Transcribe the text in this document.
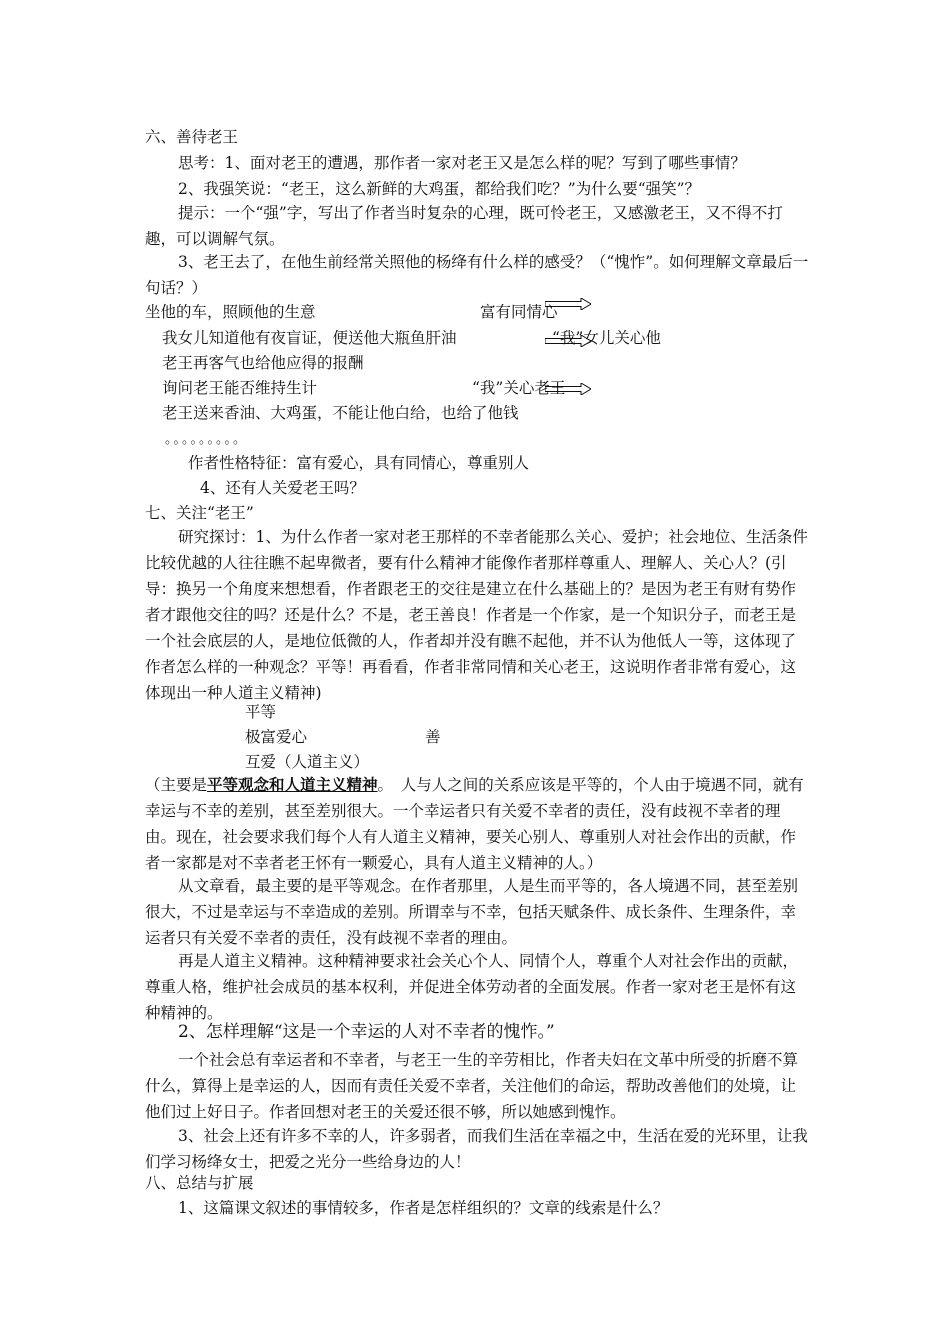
六、善待老王
思考：1、面对老王的遭遇，那作者一家对老王又是怎么样的呢？写到了哪些事情？
2、我强笑说：“老王，这么新鲜的大鸡蛋，都给我们吃？”为什么要“强笑”？
提示：一个“强”字，写出了作者当时复杂的心理，既可怜老王，又感激老王，又不得不打趣，可以调解气氛。
3、老王去了，在他生前经常关照他的杨绛有什么样的感受？（“愧怍”。如何理解文章最后一句话？）
坐他的车，照顾他的生意	富有同情心
我女儿知道他有夜盲证，便送他大瓶鱼肝油	“我”女儿关心他
老王再客气也给他应得的报酬
询问老王能否维持生计	“我”关心老王
老王送来香油、大鸡蛋，不能让他白给，也给了他钱
。。。。。。。。。
作者性格特征：富有爱心，具有同情心，尊重别人
4、还有人关爱老王吗？
七、关注“老王”
研究探讨：1、为什么作者一家对老王那样的不幸者能那么关心、爱护；社会地位、生活条件比较优越的人往往瞧不起卑微者，要有什么精神才能像作者那样尊重人、理解人、关心人？(引导：换另一个角度来想想看，作者跟老王的交往是建立在什么基础上的？是因为老王有财有势作者才跟他交往的吗？还是什么？不是，老王善良！作者是一个作家，是一个知识分子，而老王是一个社会底层的人，是地位低微的人，作者却并没有瞧不起他，并不认为他低人一等，这体现了作者怎么样的一种观念？平等！再看看，作者非常同情和关心老王，这说明作者非常有爱心，这体现出一种人道主义精神)
平等
极富爱心	善
互爱（人道主义）
（主要是平等观念和人道主义精神。　人与人之间的关系应该是平等的，个人由于境遇不同，就有幸运与不幸的差别，甚至差别很大。一个幸运者只有关爱不幸者的责任，没有歧视不幸者的理由。现在，社会要求我们每个人有人道主义精神，要关心别人、尊重别人对社会作出的贡献，作者一家都是对不幸者老王怀有一颗爱心，具有人道主义精神的人。）
从文章看，最主要的是平等观念。在作者那里，人是生而平等的，各人境遇不同，甚至差别很大，不过是幸运与不幸造成的差别。所谓幸与不幸，包括天赋条件、成长条件、生理条件，幸运者只有关爱不幸者的责任，没有歧视不幸者的理由。
再是人道主义精神。这种精神要求社会关心个人、同情个人，尊重个人对社会作出的贡献，尊重人格，维护社会成员的基本权利，并促进全体劳动者的全面发展。作者一家对老王是怀有这种精神的。
2、怎样理解“这是一个幸运的人对不幸者的愧怍。”
一个社会总有幸运者和不幸者，与老王一生的辛劳相比，作者夫妇在文革中所受的折磨不算什么，算得上是幸运的人，因而有责任关爱不幸者，关注他们的命运，帮助改善他们的处境，让他们过上好日子。作者回想对老王的关爱还很不够，所以她感到愧怍。
3、社会上还有许多不幸的人，许多弱者，而我们生活在幸福之中，生活在爱的光环里，让我们学习杨绛女士，把爱之光分一些给身边的人！
八、总结与扩展
1、这篇课文叙述的事情较多，作者是怎样组织的？文章的线索是什么？
